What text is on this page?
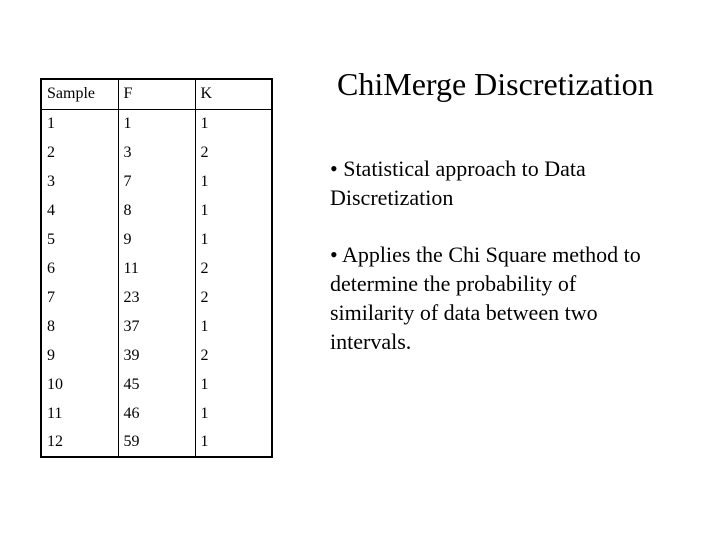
Sample	F	K
1	1	1
2	3	2
3	7	1
4	8	1
5	9	1
6	11	2
7	23	2
8	37	1
9	39	2
10	45	1
11	46	1
12	59	1
ChiMerge Discretization
• Statistical approach to Data Discretization
• Applies the Chi Square method to determine the probability of similarity of data between two intervals.
